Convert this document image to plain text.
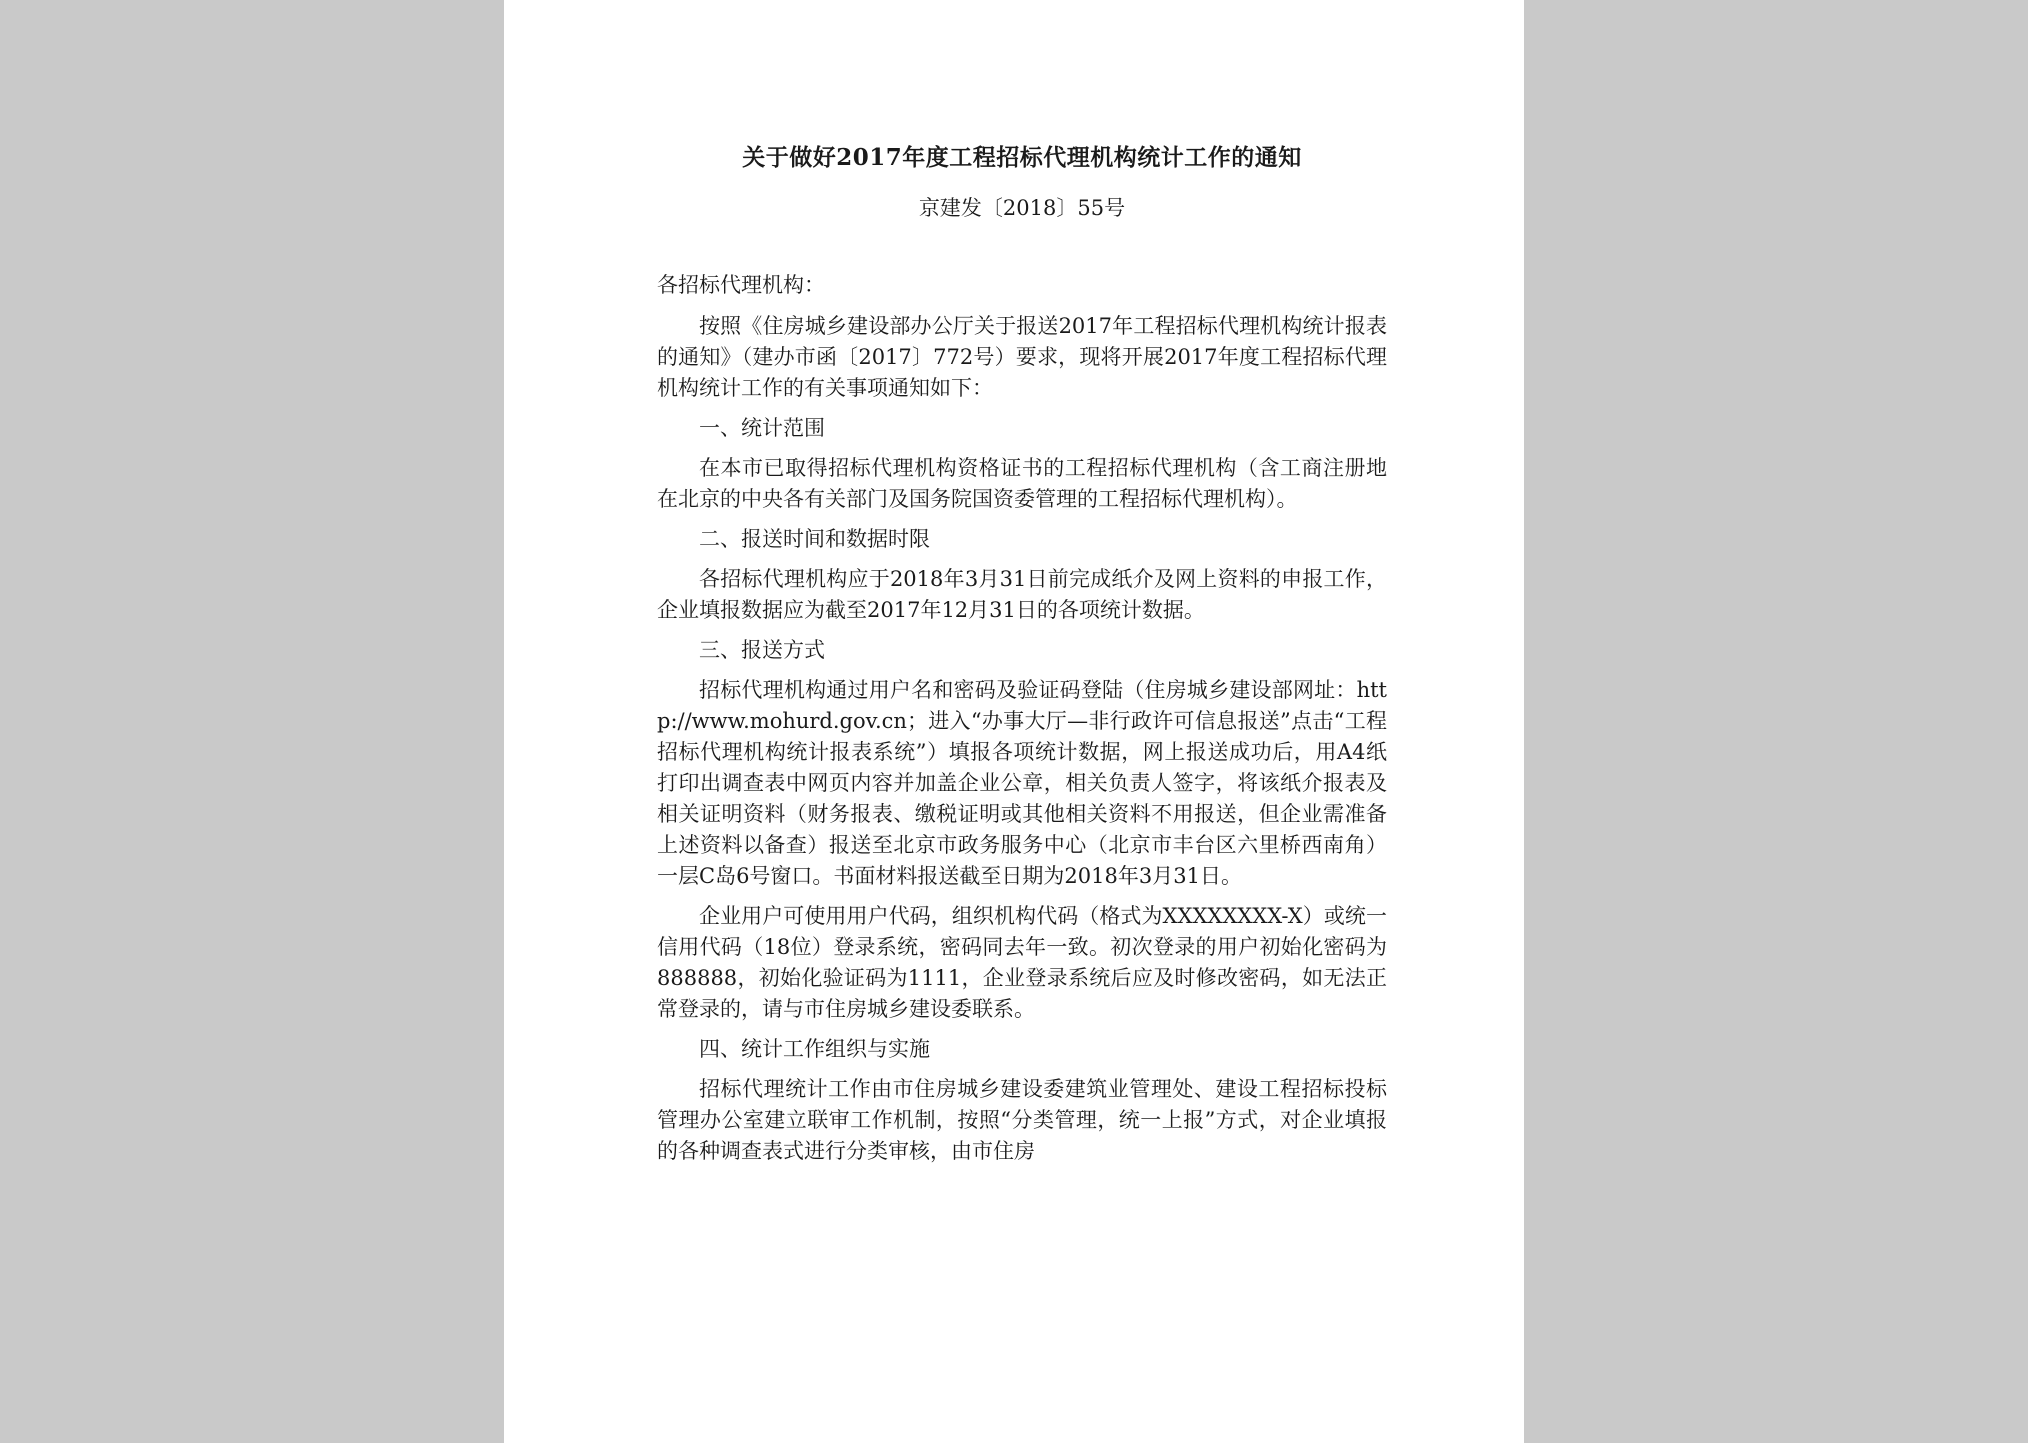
关于做好2017年度工程招标代理机构统计工作的通知
京建发〔2018〕55号
各招标代理机构：

按照《住房城乡建设部办公厅关于报送2017年工程招标代理机构统计报表的通知》（建办市函〔2017〕772号）要求，现将开展2017年度工程招标代理机构统计工作的有关事项通知如下：

一、统计范围

在本市已取得招标代理机构资格证书的工程招标代理机构（含工商注册地在北京的中央各有关部门及国务院国资委管理的工程招标代理机构）。

二、报送时间和数据时限

各招标代理机构应于2018年3月31日前完成纸介及网上资料的申报工作，企业填报数据应为截至2017年12月31日的各项统计数据。

三、报送方式

招标代理机构通过用户名和密码及验证码登陆（住房城乡建设部网址：http://www.mohurd.gov.cn；进入“办事大厅—非行政许可信息报送”点击“工程招标代理机构统计报表系统”）填报各项统计数据，网上报送成功后，用A4纸打印出调查表中网页内容并加盖企业公章，相关负责人签字，将该纸介报表及相关证明资料（财务报表、缴税证明或其他相关资料不用报送，但企业需准备上述资料以备查）报送至北京市政务服务中心（北京市丰台区六里桥西南角）一层C岛6号窗口。书面材料报送截至日期为2018年3月31日。

企业用户可使用用户代码，组织机构代码（格式为XXXXXXXX-X）或统一信用代码（18位）登录系统，密码同去年一致。初次登录的用户初始化密码为888888，初始化验证码为1111，企业登录系统后应及时修改密码，如无法正常登录的，请与市住房城乡建设委联系。

四、统计工作组织与实施

招标代理统计工作由市住房城乡建设委建筑业管理处、建设工程招标投标管理办公室建立联审工作机制，按照“分类管理，统一上报”方式，对企业填报的各种调查表式进行分类审核，由市住房
